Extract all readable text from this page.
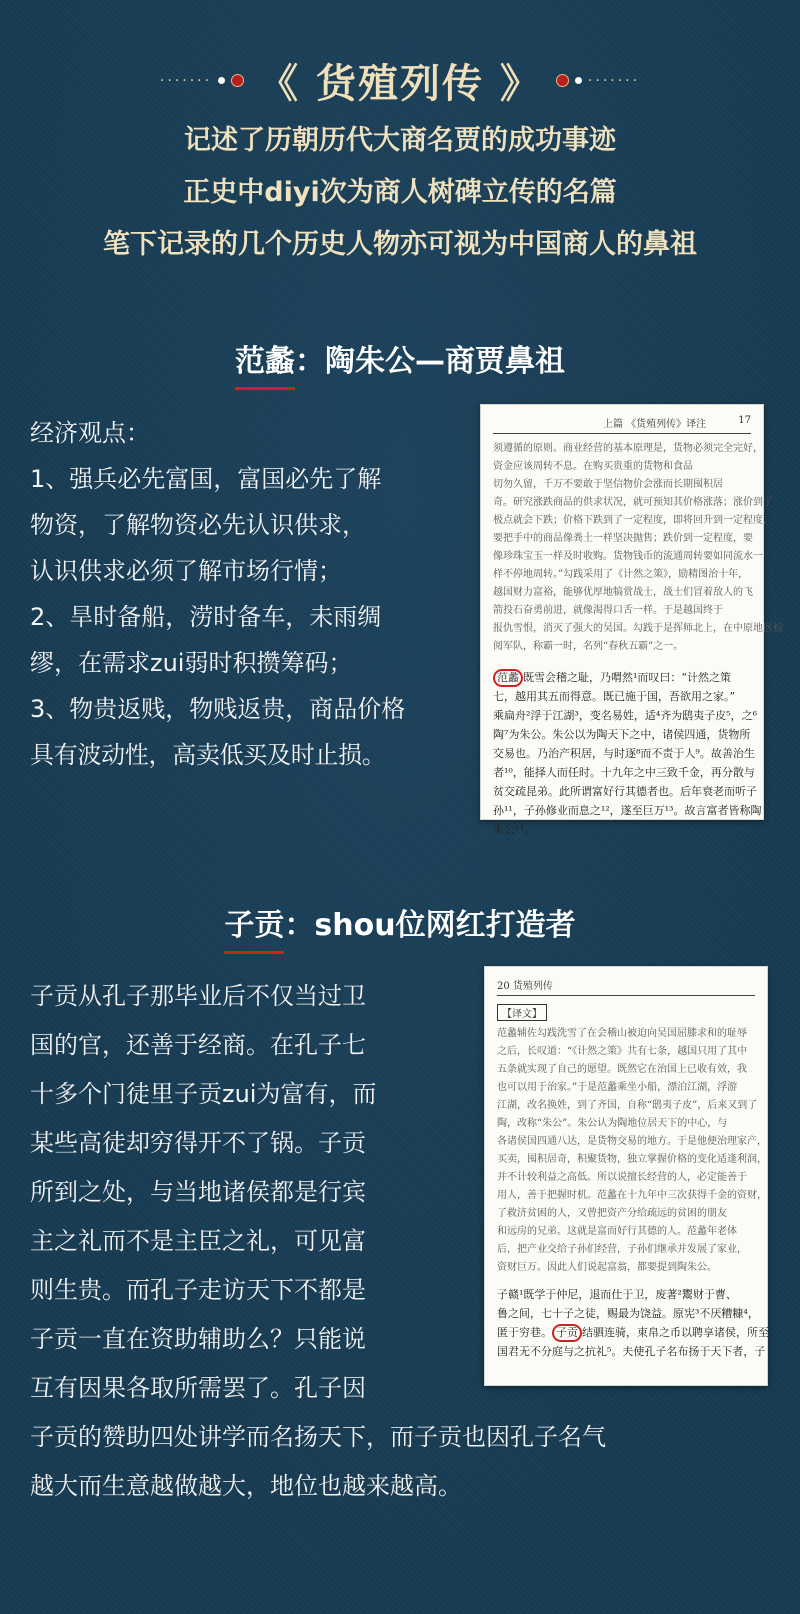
······· 《 货殖列传 》	·······
记述了历朝历代大商名贾的成功事迹
正史中diyi次为商人树碑立传的名篇
笔下记录的几个历史人物亦可视为中国商人的鼻祖
范蠡
：陶朱公—商贾鼻祖
经济观点：
1、强兵必先富国，富国必先了解
物资，了解物资必先认识供求，
认识供求必须了解市场行情；
2、旱时备船，涝时备车，未雨绸
缪，在需求zui弱时积攒筹码；
3、物贵返贱，物贱返贵，商品价格
具有波动性，高卖低买及时止损。
上篇 《货殖列传》译注	17
须遵循的原则。商业经营的基本原理是，货物必须完全完好，
资金应该周转不息。在购买贵重的货物和食品
切勿久留，千万不要敢于坚信物价会涨而长期囤积居
奇。研究涨跌商品的供求状况，就可预知其价格涨落；涨价到了
极点就会下跌；价格下跌到了一定程度，即将回升到一定程度，
要把手中的商品像粪土一样坚决抛售；跌价到一定程度，要
像珍珠宝玉一样及时收购。货物钱币的流通周转要如同流水一
样不停地周转。”勾践采用了《计然之策》，励精图治十年，
越国财力富裕，能够优厚地犒赏战士，战士们冒着敌人的飞
箭投石奋勇前进，就像渴得口舌一样。于是越国终于
报仇雪恨，消灭了强大的吴国。勾践于是挥师北上，在中原地区检
阅军队，称霸一时，名列“春秋五霸”之一。
范蠡 既雪会稽之耻，乃喟然¹而叹曰：“计然之策
七，越用其五而得意。既已施于国，吾欲用之家。”
乘扁舟²浮于江湖³，变名易姓，适⁴齐为鸱夷子皮⁵，之⁶
陶⁷为朱公。朱公以为陶天下之中，诸侯四通，货物所
交易也。乃治产积居，与时逐⁸而不责于人⁹。故善治生
者¹⁰，能择人而任时。十九年之中三致千金，再分散与
贫交疏昆弟。此所谓富好行其德者也。后年衰老而听子
孙¹¹，子孙修业而息之¹²，遂至巨万¹³。故言富者皆称陶
朱公¹⁴。
子贡
：shou位网红打造者
子贡从孔子那毕业后不仅当过卫
国的官，还善于经商。在孔子七
十多个门徒里子贡zui为富有，而
某些高徒却穷得开不了锅。子贡
所到之处，与当地诸侯都是行宾
主之礼而不是主臣之礼，可见富
则生贵。而孔子走访天下不都是
子贡一直在资助辅助么？只能说
互有因果各取所需罢了。孔子因
子贡的赞助四处讲学而名扬天下，而子贡也因孔子名气
越大而生意越做越大，地位也越来越高。
20 货殖列传
【译文】
范蠡辅佐勾践洗雪了在会稽山被迫向吴国屈膝求和的耻辱
之后，长叹道：“《计然之策》共有七条，越国只用了其中
五条就实现了自己的愿望。既然它在治国上已收有效，我
也可以用于治家。”于是范蠡乘坐小船，漂泊江湖，浮游
江湖，改名换姓，到了齐国，自称“鸱夷子皮”，后来又到了
陶，改称“朱公”。朱公认为陶地位居天下的中心，与
各诸侯国四通八达，是货物交易的地方。于是他便治理家产，
买卖，囤积居奇，积聚货物，独立掌握价格的变化适逢利润，
并不计较利益之高低。所以说擅长经营的人，必定能善于
用人，善于把握时机。范蠡在十九年中三次获得千金的资财，
了救济贫困的人，又曾把资产分给疏远的贫困的朋友
和远房的兄弟。这就是富而好行其德的人。范蠡年老体
后，把产业交给子孙们经营，子孙们继承并发展了家业，
资财巨万。因此人们说起富翁，都要提到陶朱公。
子赣¹既学于仲尼，退而仕于卫，废著²鬻财于曹、
鲁之间，七十子之徒，赐最为饶益。原宪³不厌糟糠⁴，
匿于穷巷。 子贡 结驷连骑，束帛之币以聘享诸侯，所至，
国君无不分庭与之抗礼⁵。夫使孔子名布扬于天下者，子
